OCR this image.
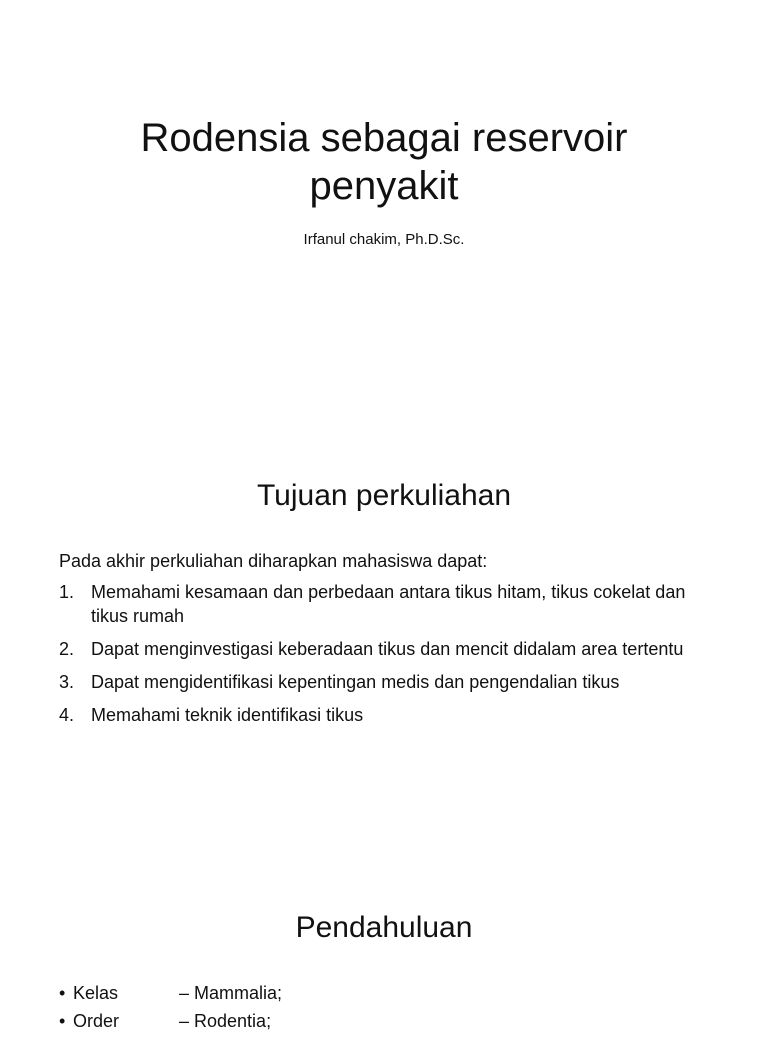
Rodensia sebagai reservoir
penyakit

Irfanul chakim, Ph.D.Sc.

Tujuan perkuliahan

Pada akhir perkuliahan diharapkan mahasiswa dapat:

1. Memahami kesamaan dan perbedaan antara tikus hitam, tikus cokelat dan tikus rumah
2. Dapat menginvestigasi keberadaan tikus dan mencit didalam area tertentu
3. Dapat mengidentifikasi kepentingan medis dan pengendalian tikus
4. Memahami teknik identifikasi tikus
Pendahuluan
• Kelas	– Mammalia;
• Order	– Rodentia;
